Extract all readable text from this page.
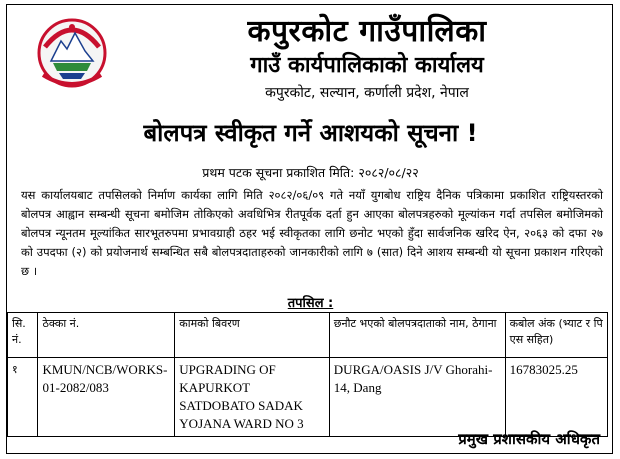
कपुरकोट गाउँपालिका
गाउँ कार्यपालिकाको कार्यालय
कपुरकोट, सल्यान, कर्णाली प्रदेश, नेपाल
बोलपत्र स्वीकृत गर्ने आशयको सूचना !
प्रथम पटक सूचना प्रकाशित मिति: २०८२/०८/२२
यस कार्यालयबाट तपसिलको निर्माण कार्यका लागि मिति २०८२/०६/०९ गते नयाँ युगबोध राष्ट्रिय दैनिक पत्रिकामा प्रकाशित राष्ट्रियस्तरको बोलपत्र आह्वान सम्बन्धी सूचना बमोजिम तोकिएको अवधिभित्र रीतपूर्वक दर्ता हुन आएका बोलपत्रहरुको मूल्यांकन गर्दा तपसिल बमोजिमको बोलपत्र न्यूनतम मूल्यांकित सारभूतरुपमा प्रभावग्राही ठहर भई स्वीकृतका लागि छनोट भएको हुँदा सार्वजनिक खरिद ऐन, २०६३ को दफा २७ को उपदफा (२) को प्रयोजनार्थ सम्बन्धित सबै बोलपत्रदाताहरुको जानकारीको लागि ७ (सात) दिने आशय सम्बन्धी यो सूचना प्रकाशन गरिएको छ ।
तपसिल :
सि. नं.	ठेक्का नं.	कामको बिवरण	छनौट भएको बोलपत्रदाताको नाम, ठेगाना	कबोल अंक (भ्याट र पि एस सहित)
१	KMUN/NCB/WORKS-01-2082/083	UPGRADING OF KAPURKOT SATDOBATO SADAK YOJANA WARD NO 3	DURGA/OASIS J/V Ghorahi-14, Dang	16783025.25
प्रमुख प्रशासकीय अधिकृत
